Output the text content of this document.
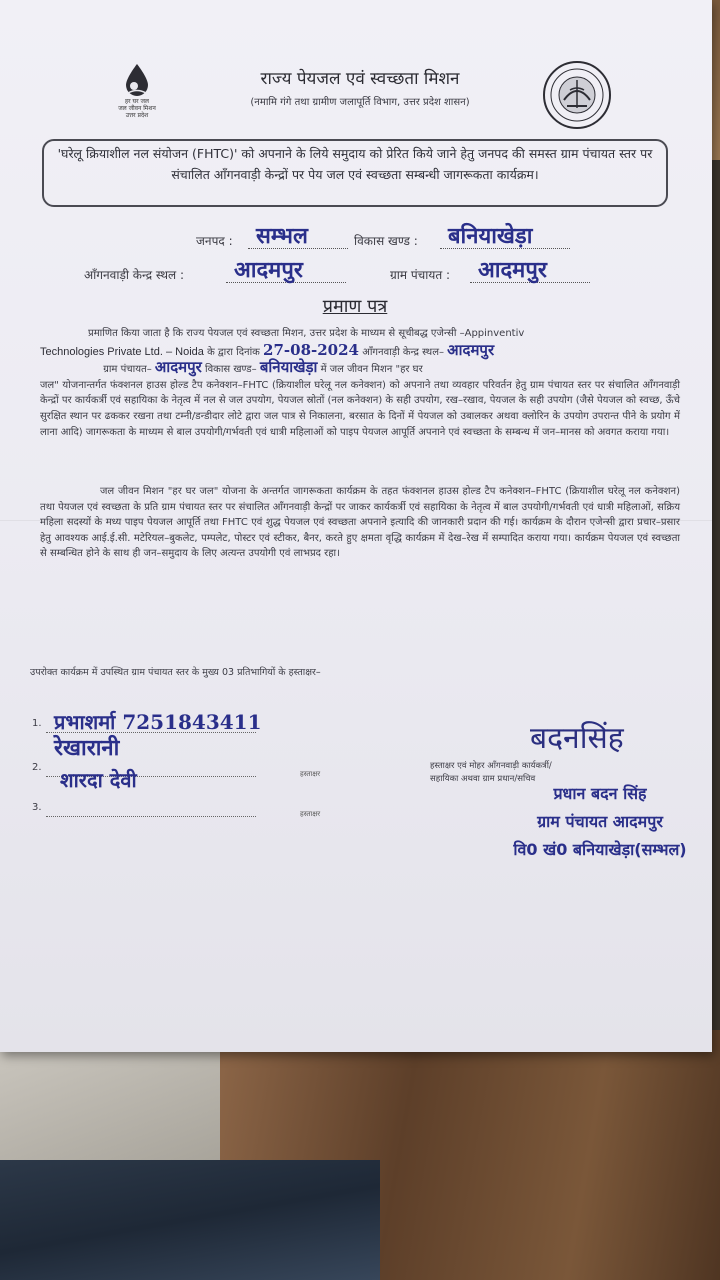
हर घर जल
जल जीवन मिशन
उत्तर प्रदेश
राज्य पेयजल एवं स्वच्छता मिशन
(नमामि गंगे तथा ग्रामीण जलापूर्ति विभाग, उत्तर प्रदेश शासन)
'घरेलू क्रियाशील नल संयोजन (FHTC)' को अपनाने के लिये समुदाय को प्रेरित किये जाने हेतु जनपद की समस्त ग्राम पंचायत स्तर पर संचालित आँगनवाड़ी केन्द्रों पर पेय जल एवं स्वच्छता सम्बन्धी जागरूकता कार्यक्रम।
जनपद : सम्भल	विकास खण्ड : बनियाखेड़ा
आँगनवाड़ी केन्द्र स्थल : आदमपुर	ग्राम पंचायत : आदमपुर
प्रमाण पत्र
प्रमाणित किया जाता है कि राज्य पेयजल एवं स्वच्छता मिशन, उत्तर प्रदेश के माध्यम से सूचीबद्ध एजेन्सी –Appinventiv
Technologies Private Ltd. – Noida के द्वारा दिनांक 27-08-2024 आँगनवाड़ी केन्द्र स्थल– आदमपुर
ग्राम पंचायत– आदमपुर विकास खण्ड– बनियाखेड़ा में जल जीवन मिशन "हर घर
जल" योजनान्तर्गत फंक्शनल हाउस होल्ड टैप कनेक्शन–FHTC (क्रियाशील घरेलू नल कनेक्शन) को अपनाने तथा व्यवहार परिवर्तन हेतु ग्राम पंचायत स्तर पर संचालित आँगनवाड़ी केन्द्रों पर कार्यकर्त्री एवं सहायिका के नेतृत्व में नल से जल उपयोग, पेयजल स्रोतों (नल कनेक्शन) के सही उपयोग, रख–रखाव, पेयजल के सही उपयोग (जैसे पेयजल को स्वच्छ, ऊँचे सुरक्षित स्थान पर ढककर रखना तथा टम्नी/डन्डीदार लोटे द्वारा जल पात्र से निकालना, बरसात के दिनों में पेयजल को उबालकर अथवा क्लोरिन के उपयोग उपरान्त पीने के प्रयोग में लाना आदि) जागरूकता के माध्यम से बाल उपयोगी/गर्भवती एवं धात्री महिलाओं को पाइप पेयजल आपूर्ति अपनाने एवं स्वच्छता के सम्बन्ध में जन–मानस को अवगत कराया गया।
जल जीवन मिशन "हर घर जल" योजना के अन्तर्गत जागरूकता कार्यक्रम के तहत फंक्शनल हाउस होल्ड टैप कनेक्शन–FHTC (क्रियाशील घरेलू नल कनेक्शन) तथा पेयजल एवं स्वच्छता के प्रति ग्राम पंचायत स्तर पर संचालित आँगनवाड़ी केन्द्रों पर जाकर कार्यकर्त्री एवं सहायिका के नेतृत्व में बाल उपयोगी/गर्भवती एवं धात्री महिलाओं, सक्रिय महिला सदस्यों के मध्य पाइप पेयजल आपूर्ति तथा FHTC एवं शुद्ध पेयजल एवं स्वच्छता अपनाने इत्यादि की जानकारी प्रदान की गई। कार्यक्रम के दौरान एजेन्सी द्वारा प्रचार–प्रसार हेतु आवश्यक आई.ई.सी. मटेरियल–बुकलेट, पम्पलेट, पोस्टर एवं स्टीकर, बैनर, करते हुए क्षमता वृद्धि कार्यक्रम में देख–रेख में सम्पादित कराया गया। कार्यक्रम पेयजल एवं स्वच्छता से सम्बन्धित होने के साथ ही जन–समुदाय के लिए अत्यन्त उपयोगी एवं लाभप्रद रहा।
उपरोक्त कार्यक्रम में उपस्थित ग्राम पंचायत स्तर के मुख्य 03 प्रतिभागियों के हस्ताक्षर–
1. प्रभाशर्मा 7251843411
2.
रेखारानी
शारदा देवी	हस्ताक्षर
3.
हस्ताक्षर
बदनसिंह
हस्ताक्षर एवं मोहर आँगनवाड़ी कार्यकर्त्री/सहायिका अथवा ग्राम प्रधान/सचिव
प्रधान बदन सिंह
ग्राम पंचायत आदमपुर
वि0 खं0 बनियाखेड़ा(सम्भल)
